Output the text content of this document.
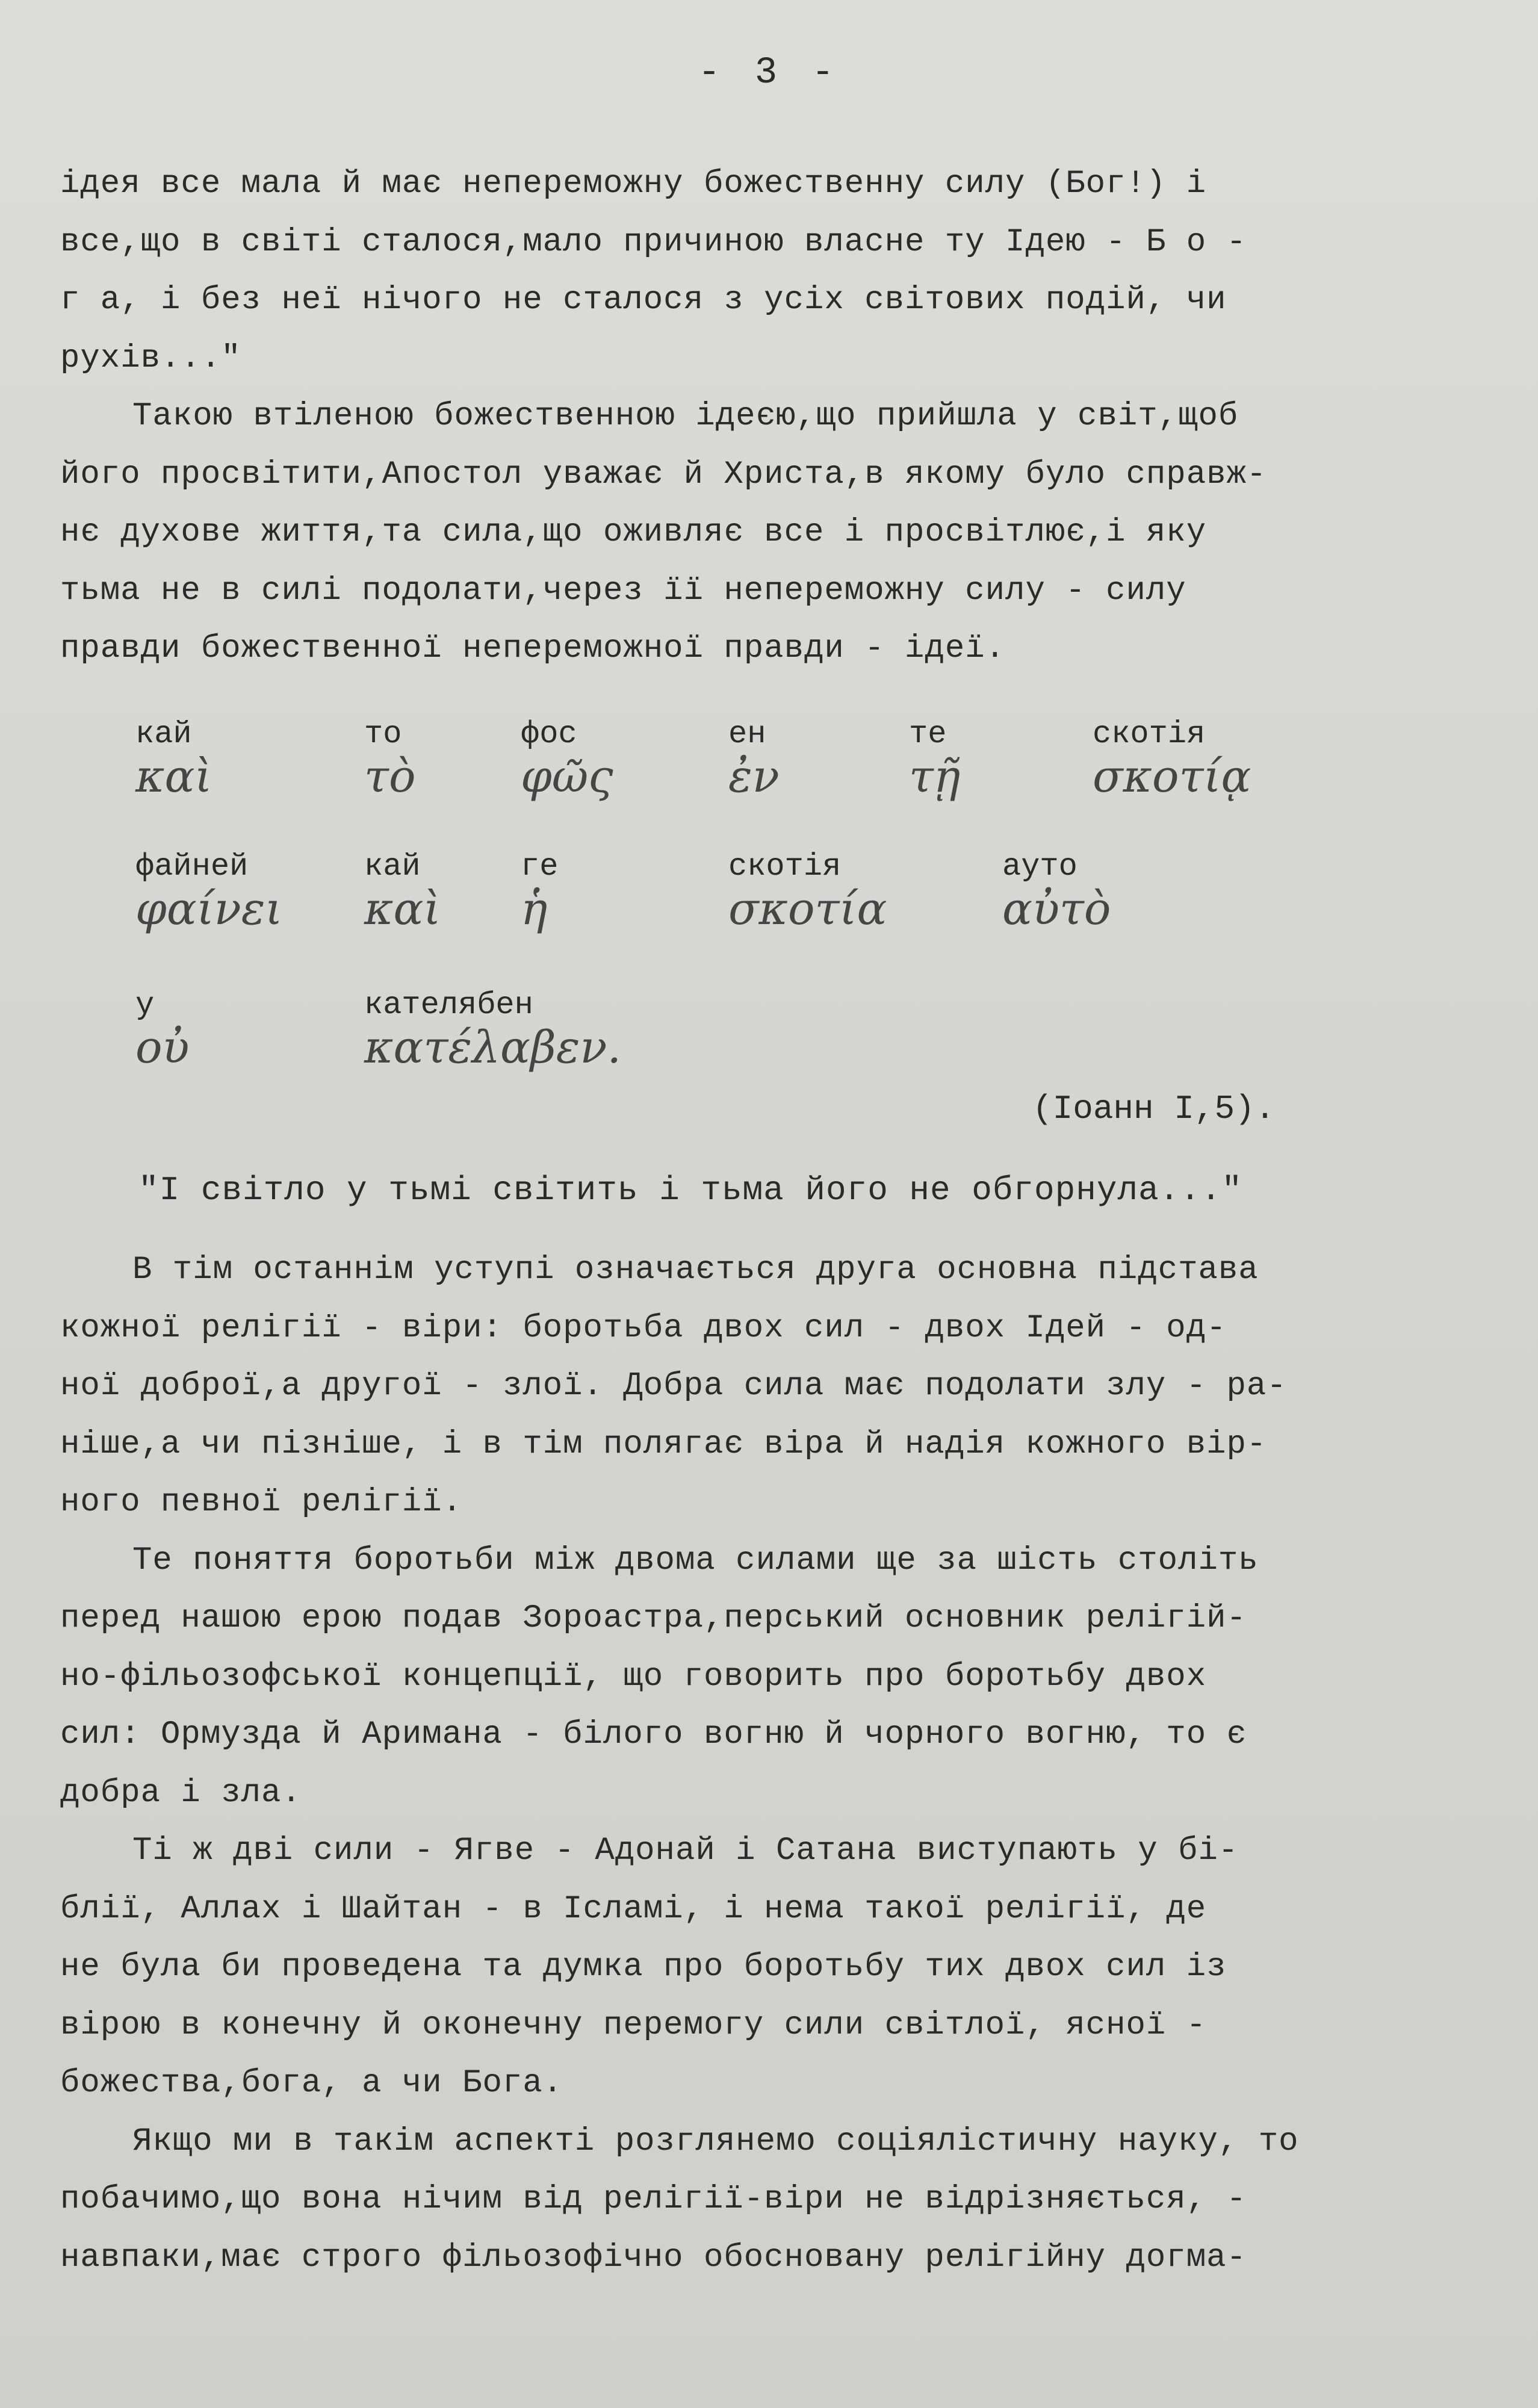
- 3 -
ідея все мала й має непереможну божественну силу (Бог!) і
все,що в світі сталося,мало причиною власне ту Ідею - Б о -
г а, і без неї нічого не сталося з усіх світових подій, чи
рухів..."
Такою втіленою божественною ідеєю,що прийшла у світ,щоб
його просвітити,Апостол уважає й Христа,в якому було справж-
нє духове життя,та сила,що оживляє все і просвітлює,і яку
тьма не в силі подолати,через її непереможну силу - силу
правди божественної непереможної правди - ідеї.
кай
καὶ
то
τὸ
фос
φῶς
ен
ἐν
те
τῇ
скотія
σκοτίᾳ
файней
φαίνει
кай
καὶ
ге
ἡ
скотія
σκοτία
ауто
αὐτὸ
у
οὐ
кателябен
κατέλαβεν.
(Іоанн І,5).
"І світло у тьмі світить і тьма його не обгорнула..."
В тім останнім уступі означається друга основна підстава
кожної релігії - віри: боротьба двох сил - двох Ідей - од-
ної доброї,а другої - злої. Добра сила має подолати злу - ра-
ніше,а чи пізніше, і в тім полягає віра й надія кожного вір-
ного певної релігії.
Те поняття боротьби між двома силами ще за шість століть
перед нашою ерою подав Зороастра,перський основник релігій-
но-фільозофської концепції, що говорить про боротьбу двох
сил: Ормузда й Аримана - білого вогню й чорного вогню, то є
добра і зла.
Ті ж дві сили - Ягве - Адонай і Сатана виступають у бі-
блії, Аллах і Шайтан - в Ісламі, і нема такої релігії, де
не була би проведена та думка про боротьбу тих двох сил із
вірою в конечну й оконечну перемогу сили світлої, ясної -
божества,бога, а чи Бога.
Якщо ми в такім аспекті розглянемо соціялістичну науку, то
побачимо,що вона нічим від релігії-віри не відрізняється, -
навпаки,має строго фільозофічно обосновану релігійну догма-
